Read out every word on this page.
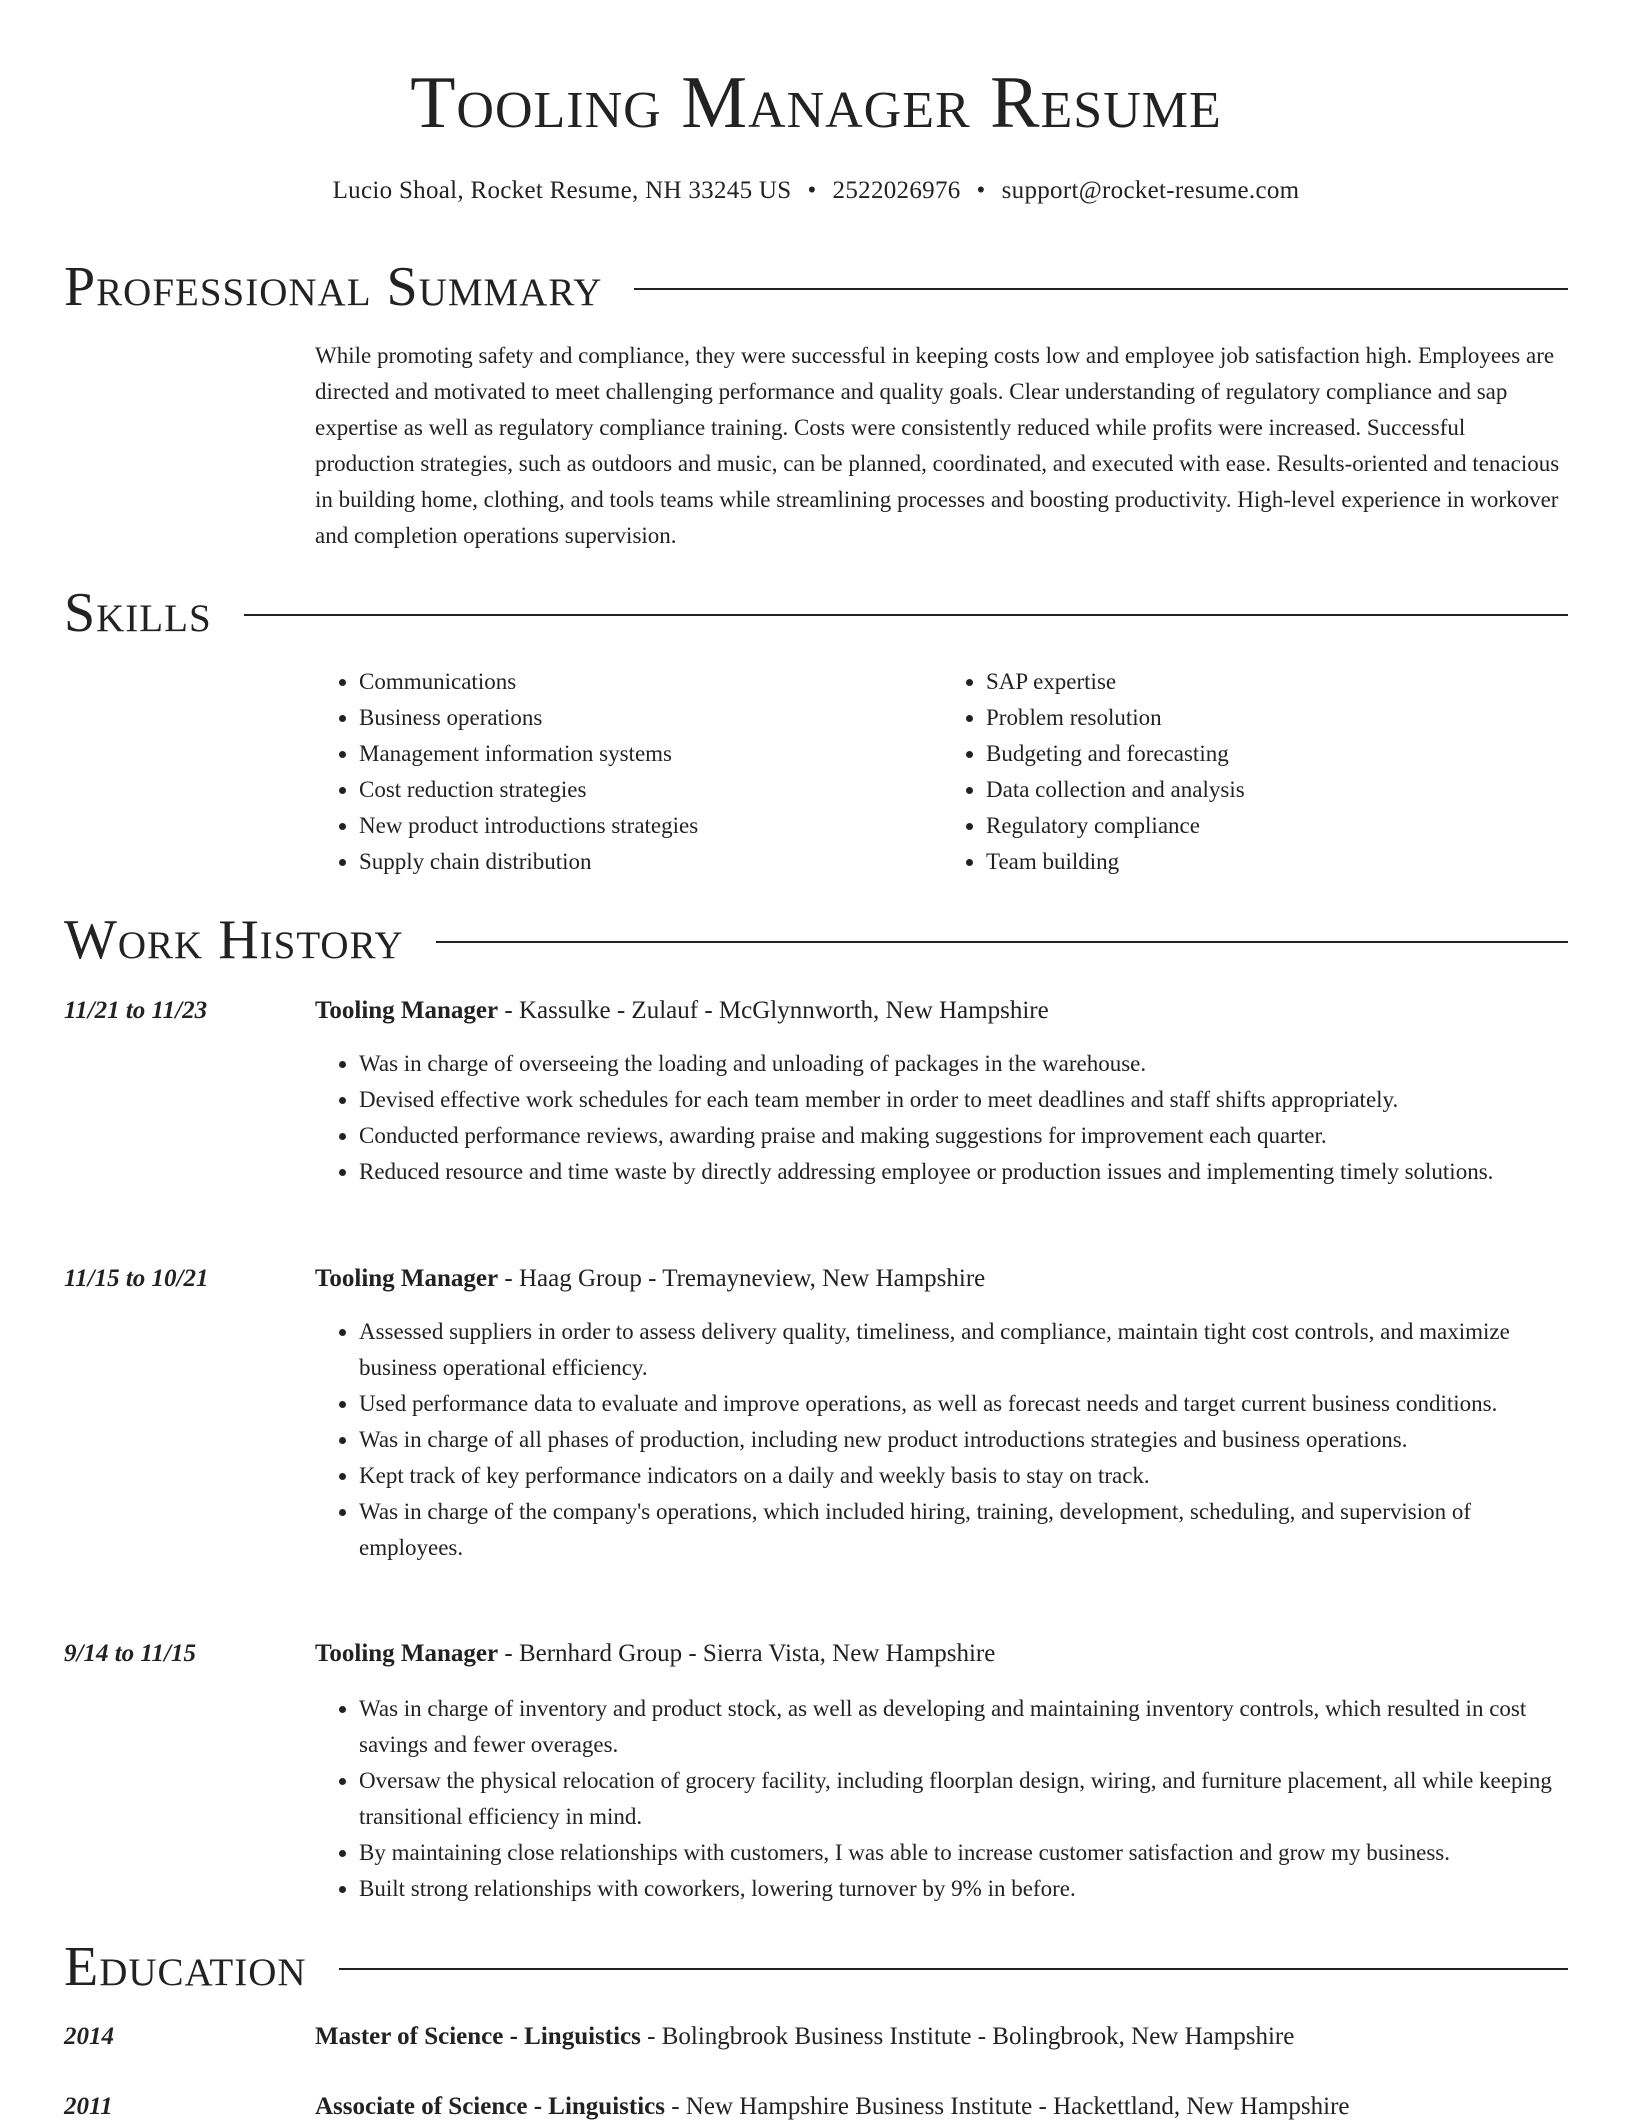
Tooling Manager Resume
Lucio Shoal, Rocket Resume, NH 33245 US • 2522026976 • support@rocket-resume.com
Professional Summary

While promoting safety and compliance, they were successful in keeping costs low and employee job satisfaction high. Employees are directed and motivated to meet challenging performance and quality goals. Clear understanding of regulatory compliance and sap expertise as well as regulatory compliance training. Costs were consistently reduced while profits were increased. Successful production strategies, such as outdoors and music, can be planned, coordinated, and executed with ease. Results-oriented and tenacious in building home, clothing, and tools teams while streamlining processes and boosting productivity. High-level experience in workover and completion operations supervision.

Skills
• Communications
• Business operations
• Management information systems
• Cost reduction strategies
• New product introductions strategies
• Supply chain distribution
• SAP expertise
• Problem resolution
• Budgeting and forecasting
• Data collection and analysis
• Regulatory compliance
• Team building
Work History
11/21 to 11/23	Tooling Manager - Kassulke - Zulauf - McGlynnworth, New Hampshire
• Was in charge of overseeing the loading and unloading of packages in the warehouse.
• Devised effective work schedules for each team member in order to meet deadlines and staff shifts appropriately.
• Conducted performance reviews, awarding praise and making suggestions for improvement each quarter.
• Reduced resource and time waste by directly addressing employee or production issues and implementing timely solutions.
11/15 to 10/21	Tooling Manager - Haag Group - Tremayneview, New Hampshire
• Assessed suppliers in order to assess delivery quality, timeliness, and compliance, maintain tight cost controls, and maximize business operational efficiency.
• Used performance data to evaluate and improve operations, as well as forecast needs and target current business conditions.
• Was in charge of all phases of production, including new product introductions strategies and business operations.
• Kept track of key performance indicators on a daily and weekly basis to stay on track.
• Was in charge of the company's operations, which included hiring, training, development, scheduling, and supervision of employees.
9/14 to 11/15	Tooling Manager - Bernhard Group - Sierra Vista, New Hampshire
• Was in charge of inventory and product stock, as well as developing and maintaining inventory controls, which resulted in cost savings and fewer overages.
• Oversaw the physical relocation of grocery facility, including floorplan design, wiring, and furniture placement, all while keeping transitional efficiency in mind.
• By maintaining close relationships with customers, I was able to increase customer satisfaction and grow my business.
• Built strong relationships with coworkers, lowering turnover by 9% in before.
Education
2014	Master of Science - Linguistics - Bolingbrook Business Institute - Bolingbrook, New Hampshire
2011	Associate of Science - Linguistics - New Hampshire Business Institute - Hackettland, New Hampshire
